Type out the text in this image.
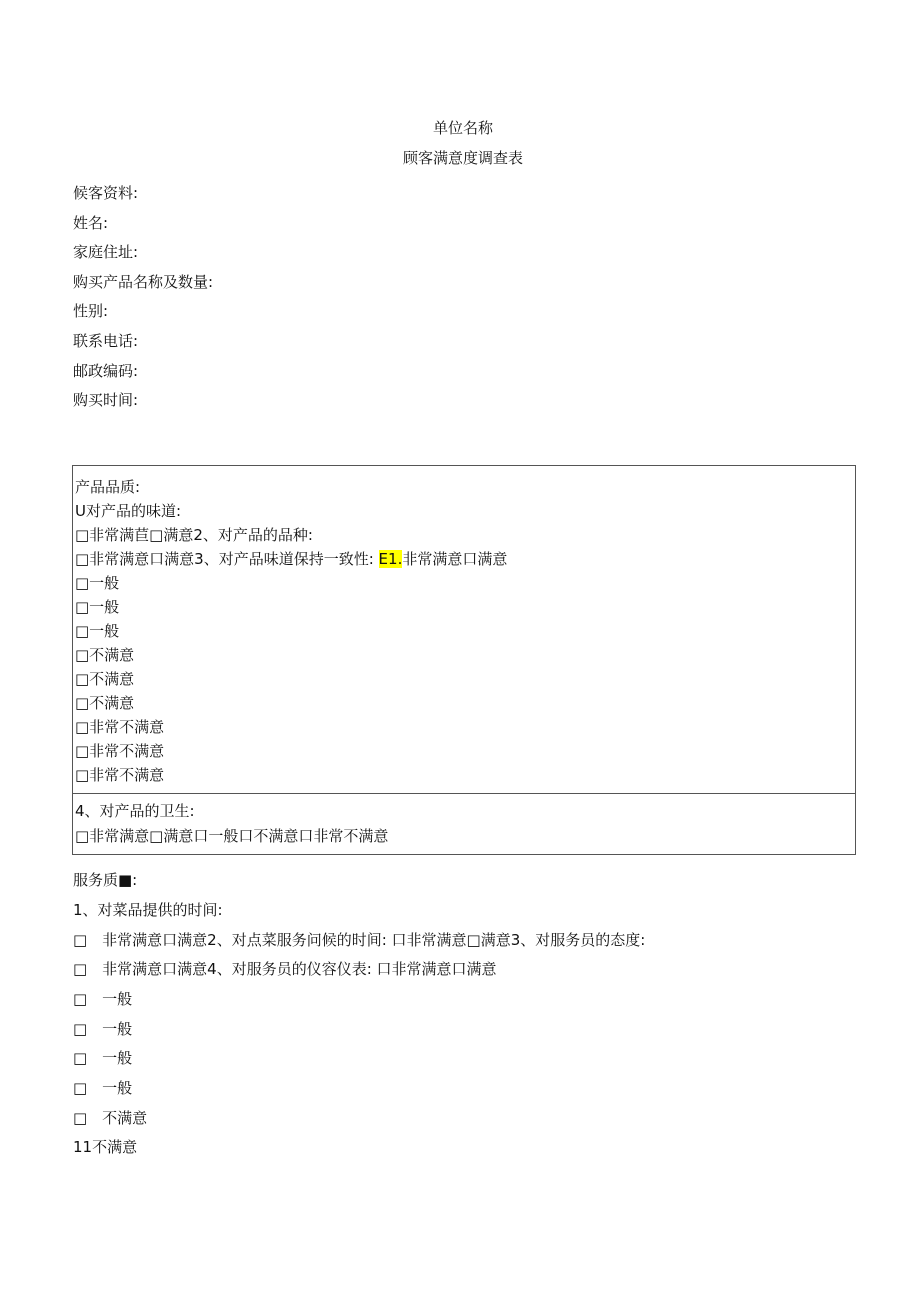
单位名称
顾客满意度调查表
候客资料:
姓名:
家庭住址:
购买产品名称及数量:
性别:
联系电话:
邮政编码:
购买时间:
产品品质:
U对产品的味道:
□非常满苣□满意2、对产品的品种:
□非常满意口满意3、对产品味道保持一致性: E1.非常满意口满意
□一般
□一般
□一般
□不满意
□不满意
□不满意
□非常不满意
□非常不满意
□非常不满意
4、对产品的卫生:
□非常满意□满意口一般口不满意口非常不满意
服务质■:
1、对菜品提供的时间:
□　非常满意口满意2、对点菜服务问候的时间: 口非常满意□满意3、对服务员的态度:
□　非常满意口满意4、对服务员的仪容仪表: 口非常满意口满意
□　一般
□　一般
□　一般
□　一般
□　不满意
11不满意
